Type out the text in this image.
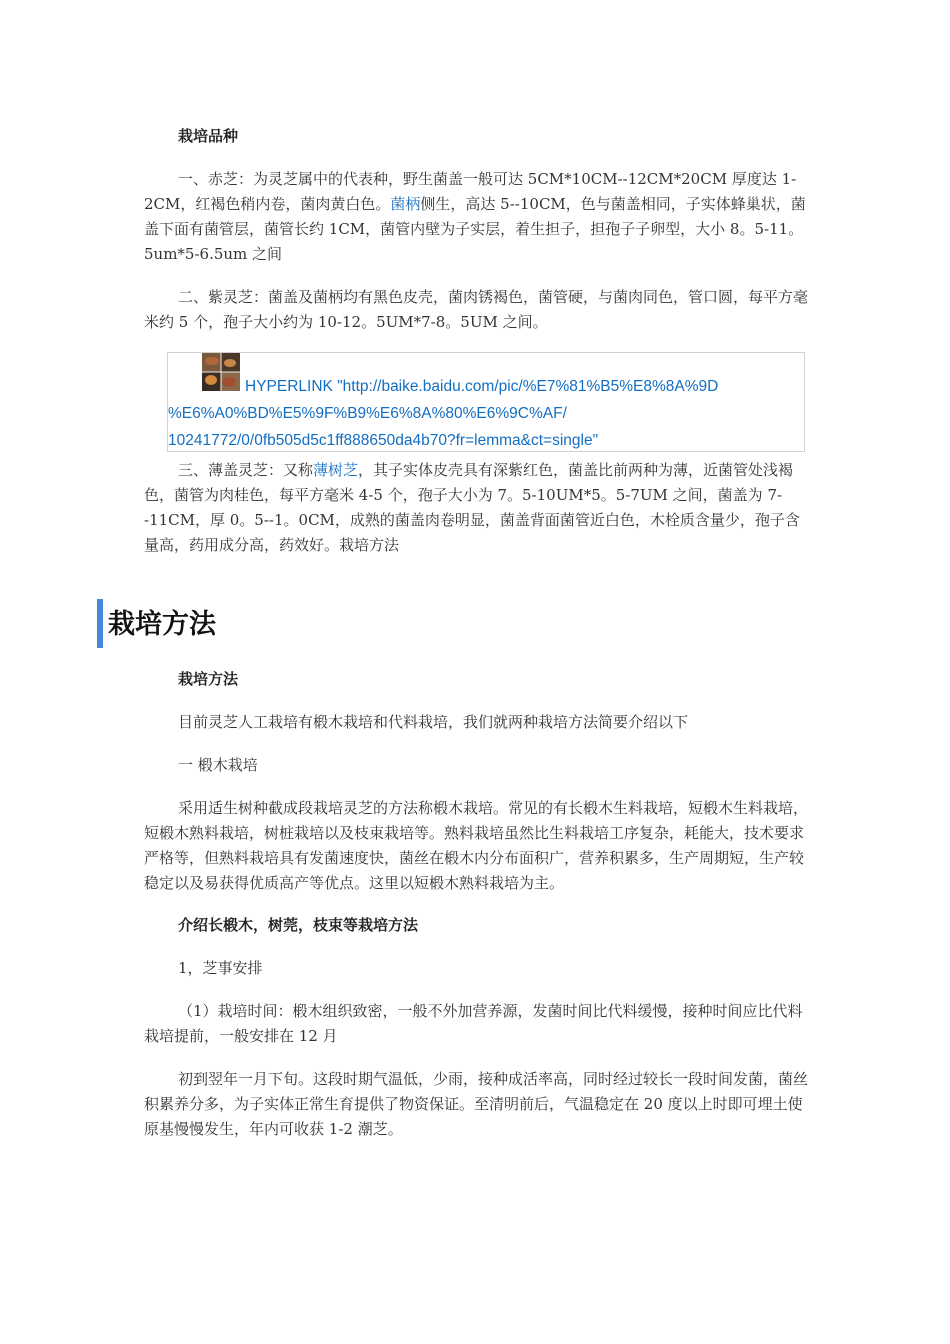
栽培品种
一、赤芝：为灵芝属中的代表种，野生菌盖一般可达 5CM*10CM--12CM*20CM 厚度达 1-2CM，红褐色稍内卷，菌肉黄白色。菌柄侧生，高达 5--10CM，色与菌盖相同，子实体蜂巢状，菌盖下面有菌管层，菌管长约 1CM，菌管内壁为子实层，着生担子，担孢子子卵型，大小 8。5-11。5um*5-6.5um 之间
二、紫灵芝：菌盖及菌柄均有黑色皮壳，菌肉锈褐色，菌管硬，与菌肉同色，管口圆，每平方毫米约 5 个，孢子大小约为 10-12。5UM*7-8。5UM 之间。
HYPERLINK "http://baike.baidu.com/pic/%E7%81%B5%E8%8A%9D
%E6%A0%BD%E5%9F%B9%E6%8A%80%E6%9C%AF/
10241772/0/0fb505d5c1ff888650da4b70?fr=lemma&ct=single"
三、薄盖灵芝：又称薄树芝，其子实体皮壳具有深紫红色，菌盖比前两种为薄，近菌管处浅褐色，菌管为肉桂色，每平方毫米 4-5 个，孢子大小为 7。5-10UM*5。5-7UM 之间，菌盖为 7--11CM，厚 0。5--1。0CM，成熟的菌盖肉卷明显，菌盖背面菌管近白色，木栓质含量少，孢子含量高，药用成分高，药效好。栽培方法
栽培方法
栽培方法
目前灵芝人工栽培有椴木栽培和代料栽培，我们就两种栽培方法简要介绍以下
一 椴木栽培
采用适生树种截成段栽培灵芝的方法称椴木栽培。常见的有长椴木生料栽培，短椴木生料栽培，短椴木熟料栽培，树桩栽培以及枝束栽培等。熟料栽培虽然比生料栽培工序复杂，耗能大，技术要求严格等，但熟料栽培具有发菌速度快，菌丝在椴木内分布面积广，营养积累多，生产周期短，生产较稳定以及易获得优质高产等优点。这里以短椴木熟料栽培为主。
介绍长椴木，树莞，枝束等栽培方法
1，芝事安排
（1）栽培时间：椴木组织致密，一般不外加营养源，发菌时间比代料缓慢，接种时间应比代料栽培提前，一般安排在 12 月
初到翌年一月下旬。这段时期气温低，少雨，接种成活率高，同时经过较长一段时间发菌，菌丝积累养分多，为子实体正常生育提供了物资保证。至清明前后，气温稳定在 20 度以上时即可埋土使原基慢慢发生，年内可收获 1-2 潮芝。
